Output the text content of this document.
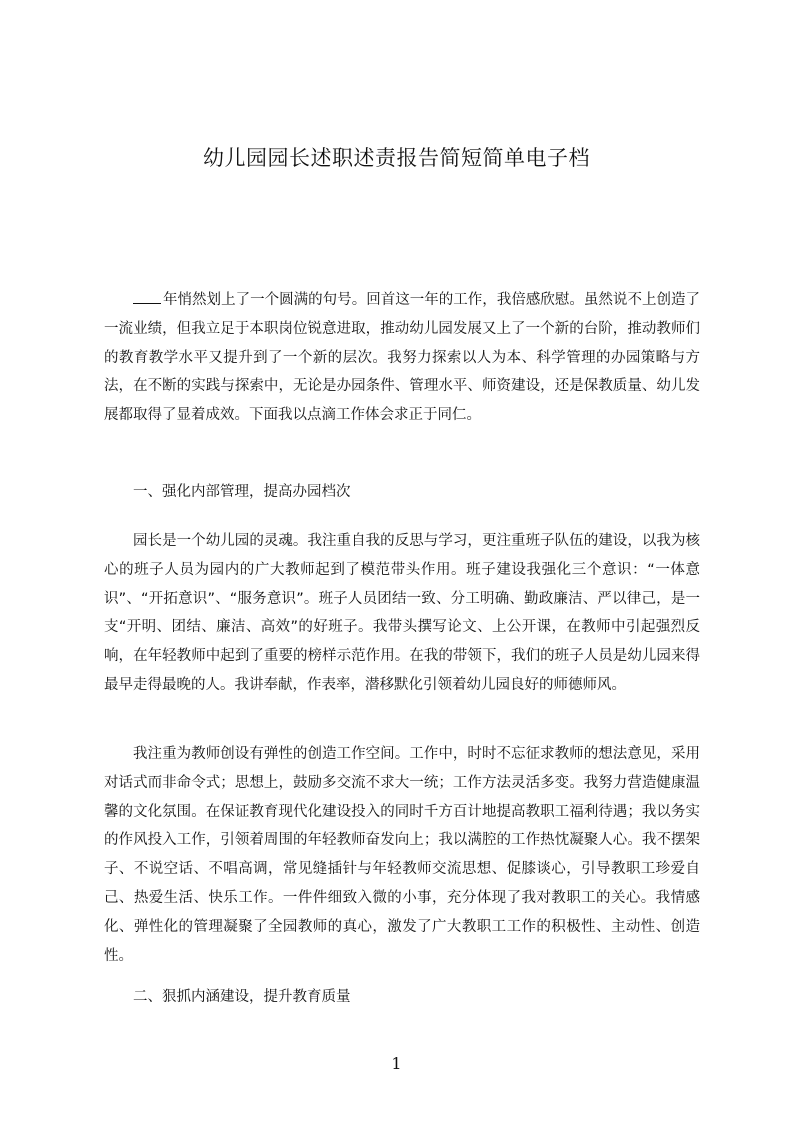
幼儿园园长述职述责报告简短简单电子档

年悄然划上了一个圆满的句号。回首这一年的工作，我倍感欣慰。虽然说不上创造了一流业绩，但我立足于本职岗位锐意进取，推动幼儿园发展又上了一个新的台阶，推动教师们的教育教学水平又提升到了一个新的层次。我努力探索以人为本、科学管理的办园策略与方法，在不断的实践与探索中，无论是办园条件、管理水平、师资建设，还是保教质量、幼儿发展都取得了显着成效。下面我以点滴工作体会求正于同仁。

一、强化内部管理，提高办园档次

园长是一个幼儿园的灵魂。我注重自我的反思与学习，更注重班子队伍的建设，以我为核心的班子人员为园内的广大教师起到了模范带头作用。班子建设我强化三个意识：“一体意识”、“开拓意识”、“服务意识”。班子人员团结一致、分工明确、勤政廉洁、严以律己，是一支“开明、团结、廉洁、高效”的好班子。我带头撰写论文、上公开课，在教师中引起强烈反响，在年轻教师中起到了重要的榜样示范作用。在我的带领下，我们的班子人员是幼儿园来得最早走得最晚的人。我讲奉献，作表率，潜移默化引领着幼儿园良好的师德师风。

我注重为教师创设有弹性的创造工作空间。工作中，时时不忘征求教师的想法意见，采用对话式而非命令式；思想上，鼓励多交流不求大一统；工作方法灵活多变。我努力营造健康温馨的文化氛围。在保证教育现代化建设投入的同时千方百计地提高教职工福利待遇；我以务实的作风投入工作，引领着周围的年轻教师奋发向上；我以满腔的工作热忱凝聚人心。我不摆架子、不说空话、不唱高调，常见缝插针与年轻教师交流思想、促膝谈心，引导教职工珍爱自己、热爱生活、快乐工作。一件件细致入微的小事，充分体现了我对教职工的关心。我情感化、弹性化的管理凝聚了全园教师的真心，激发了广大教职工工作的积极性、主动性、创造性。

二、狠抓内涵建设，提升教育质量

1
